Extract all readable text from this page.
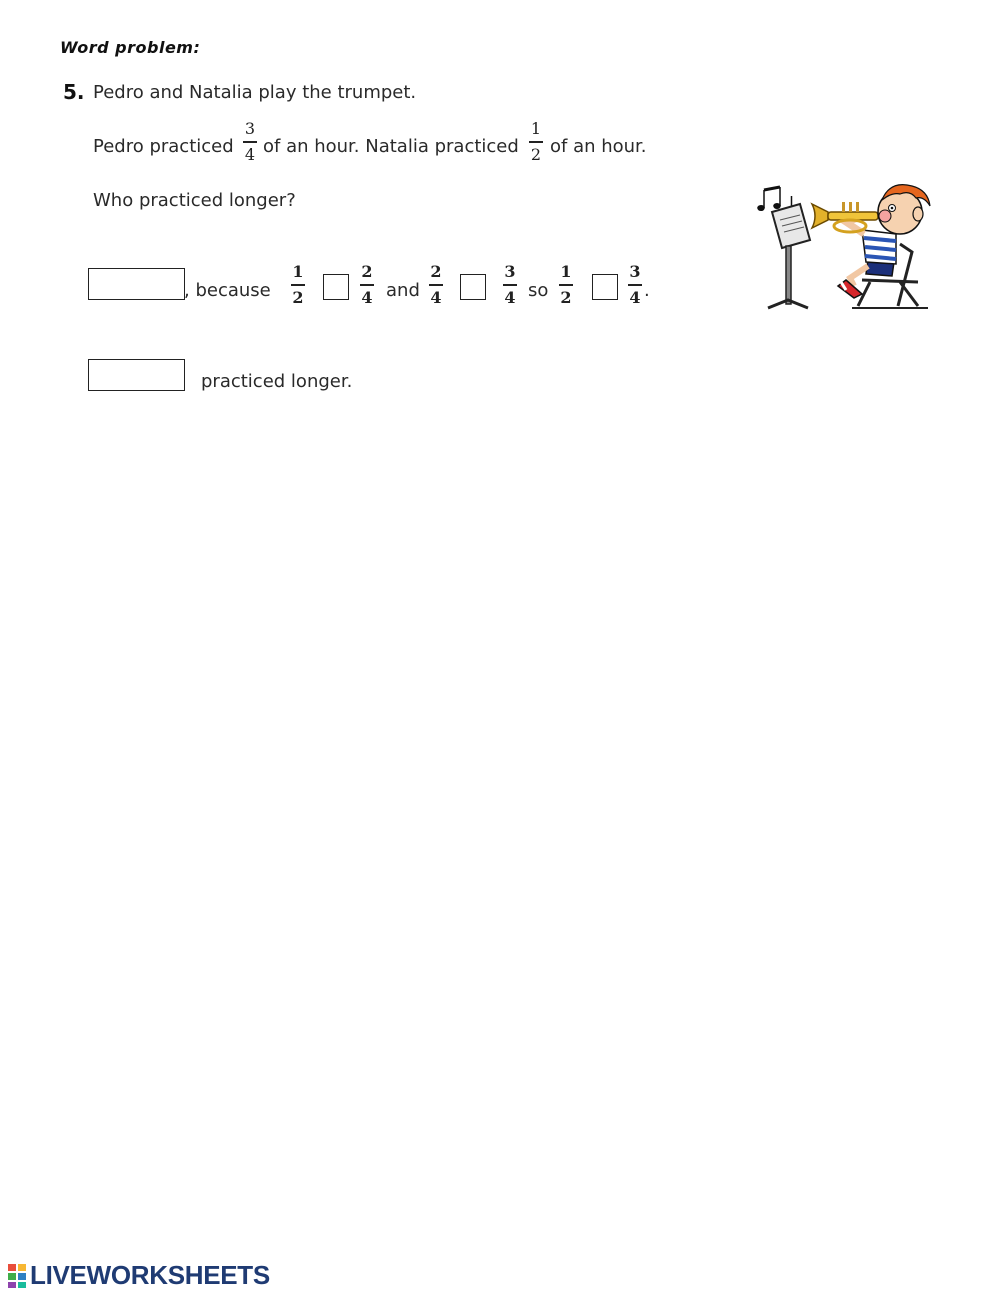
Word problem:
5. Pedro and Natalia play the trumpet.
Pedro practiced
3
4 of an hour. Natalia practiced
1
2 of an hour.
Who practiced longer?
, because
1
2
2
4 and
2
4
3
4 so
1
2
3
4 .
practiced longer.
LIVEWORKSHEETS
